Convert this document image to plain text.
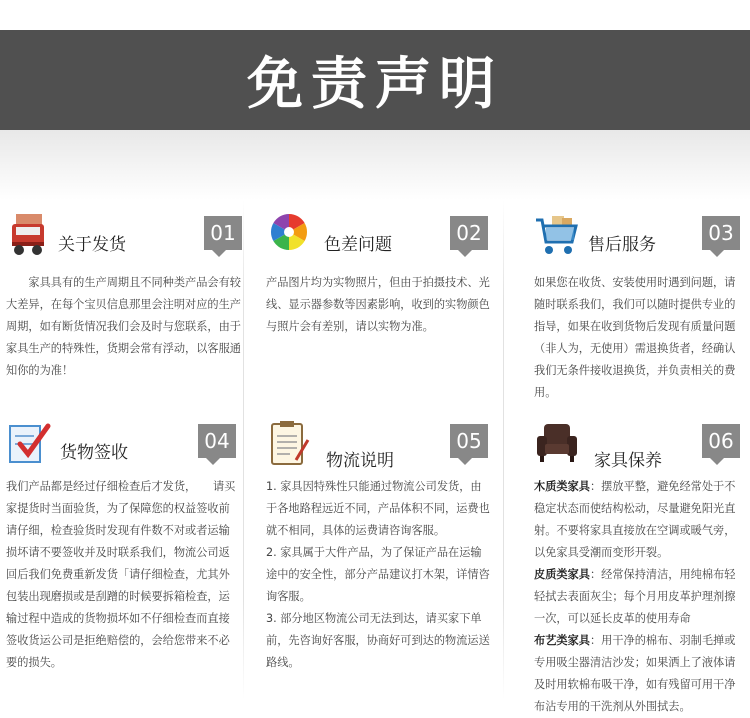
免责声明
关于发货	01
　　家具具有的生产周期且不同种类产品会有较大差异，在每个宝贝信息那里会注明对应的生产周期，如有断货情况我们会及时与您联系，由于家具生产的特殊性，货期会常有浮动，以客服通知你的为准！
色差问题	02
产品图片均为实物照片，但由于拍摄技术、光线、显示器参数等因素影响，收到的实物颜色与照片会有差别，请以实物为准。
售后服务	03
如果您在收货、安装使用时遇到问题，请随时联系我们，我们可以随时提供专业的指导，如果在收到货物后发现有质量问题（非人为，无使用）需退换货者，经确认我们无条件接收退换货，并负责相关的费用。
货物签收	04
我们产品都是经过仔细检查后才发货，　　请买家提货时当面验货，为了保障您的权益签收前请仔细，检查验货时发现有件数不对或者运输损坏请不要签收并及时联系我们，物流公司返回后我们免费重新发货「请仔细检查，尤其外包装出现磨损或是刮蹭的时候要拆箱检查，运输过程中造成的货物损坏如不仔细检查而直接签收货运公司是拒绝赔偿的，会给您带来不必要的损失。
物流说明
05

1. 家具因特殊性只能通过物流公司发货，由于各地路程远近不同，产品体积不同，运费也就不相同，具体的运费请咨询客服。

2. 家具属于大件产品，为了保证产品在运输途中的安全性，部分产品建议打木架，详情咨询客服。

3. 部分地区物流公司无法到达，请买家下单前，先咨询好客服，协商好可到达的物流运送路线。

家具保养
06

木质类家具：摆放平整，避免经常处于不稳定状态而使结构松动，尽量避免阳光直射。不要将家具直接放在空调或暖气旁，以免家具受潮而变形开裂。

皮质类家具：经常保持清洁，用纯棉布轻轻拭去表面灰尘；每个月用皮革护理剂擦一次，可以延长皮革的使用寿命

布艺类家具：用干净的棉布、羽制毛掸或专用吸尘器清洁沙发；如果洒上了液体请及时用软棉布吸干净，如有残留可用干净布沾专用的干洗剂从外围拭去。
